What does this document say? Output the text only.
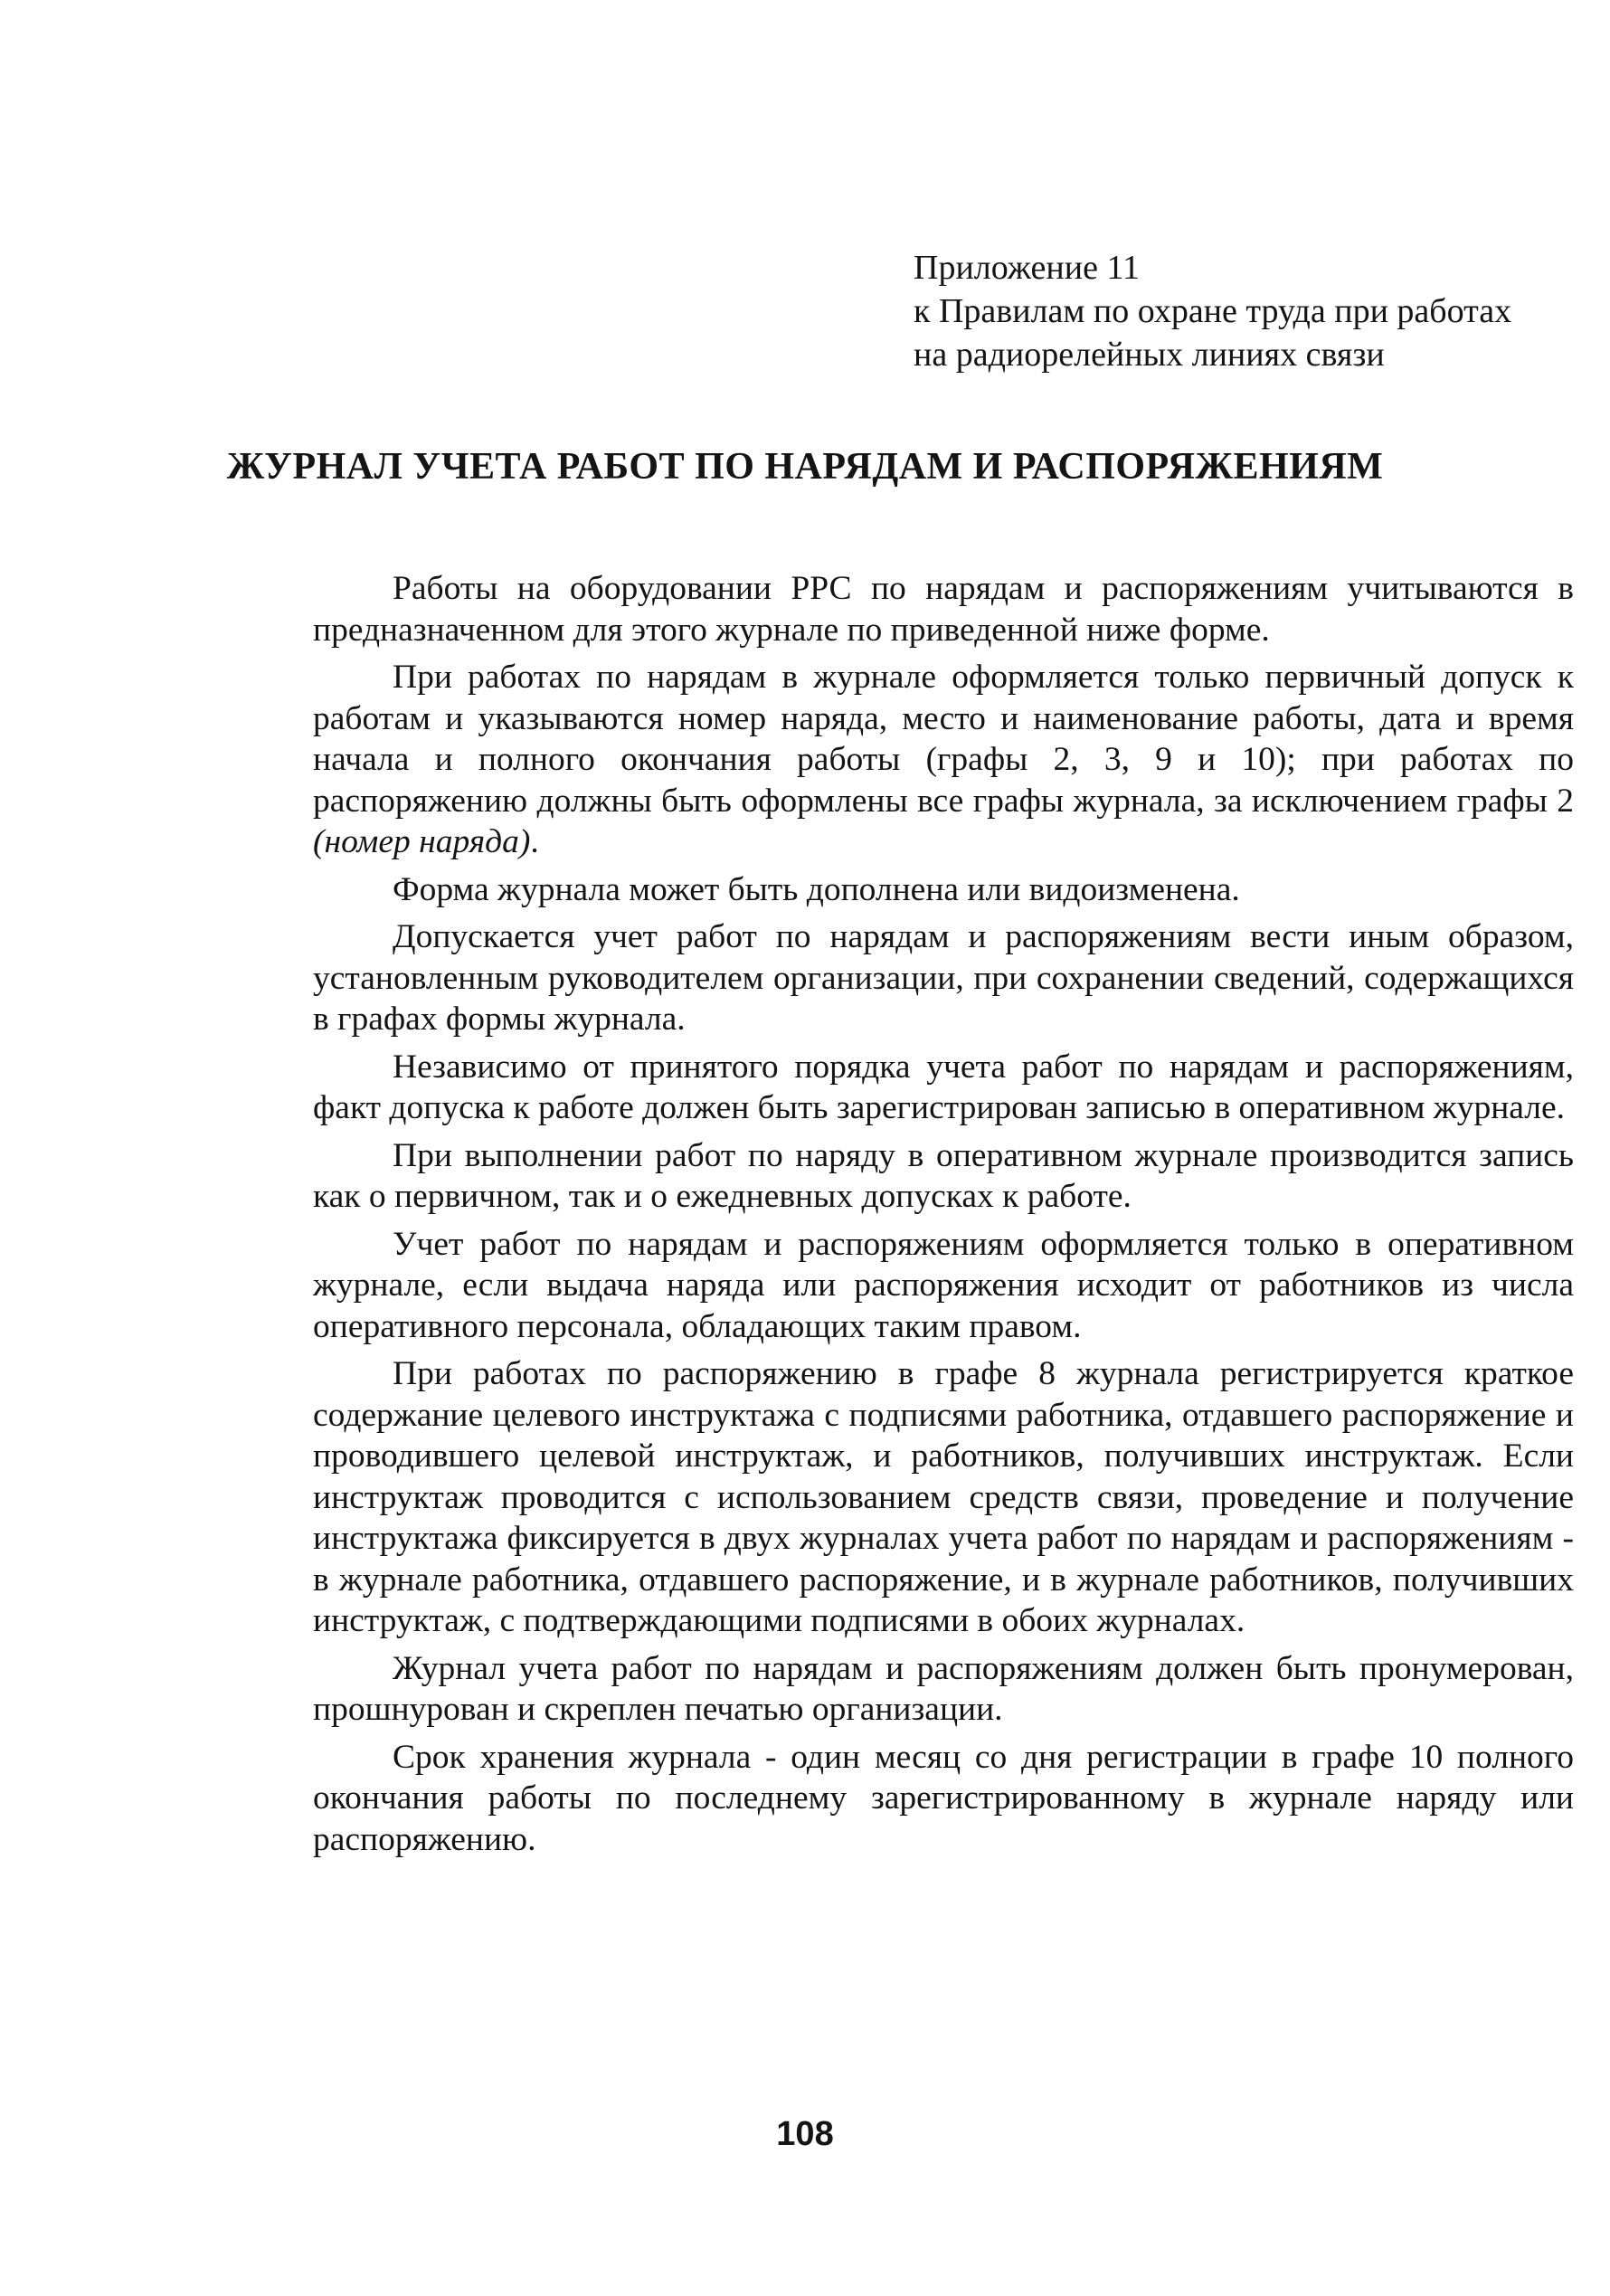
Приложение 11
к Правилам по охране труда при работах
на радиорелейных линиях связи
ЖУРНАЛ УЧЕТА РАБОТ ПО НАРЯДАМ И РАСПОРЯЖЕНИЯМ

Работы на оборудовании РРС по нарядам и распоряжениям учитываются в предназначенном для этого журнале по приведенной ниже форме.

При работах по нарядам в журнале оформляется только первичный допуск к работам и указываются номер наряда, место и наименование работы, дата и время начала и полного окончания работы (графы 2, 3, 9 и 10); при работах по распоряжению должны быть оформлены все графы журнала, за исключением графы 2 (номер наряда).

Форма журнала может быть дополнена или видоизменена.

Допускается учет работ по нарядам и распоряжениям вести иным образом, установленным руководителем организации, при сохранении сведений, содержащихся в графах формы журнала.

Независимо от принятого порядка учета работ по нарядам и распоряжениям, факт допуска к работе должен быть зарегистрирован записью в оперативном журнале.

При выполнении работ по наряду в оперативном журнале производится запись как о первичном, так и о ежедневных допусках к работе.

Учет работ по нарядам и распоряжениям оформляется только в оперативном журнале, если выдача наряда или распоряжения исходит от работников из числа оперативного персонала, обладающих таким правом.

При работах по распоряжению в графе 8 журнала регистрируется краткое содержание целевого инструктажа с подписями работника, отдавшего распоряжение и проводившего целевой инструктаж, и работников, получивших инструктаж. Если инструктаж проводится с использованием средств связи, проведение и получение инструктажа фиксируется в двух журналах учета работ по нарядам и распоряжениям - в журнале работника, отдавшего распоряжение, и в журнале работников, получивших инструктаж, с подтверждающими подписями в обоих журналах.

Журнал учета работ по нарядам и распоряжениям должен быть пронумерован, прошнурован и скреплен печатью организации.

Срок хранения журнала - один месяц со дня регистрации в графе 10 полного окончания работы по последнему зарегистрированному в журнале наряду или распоряжению.

108
